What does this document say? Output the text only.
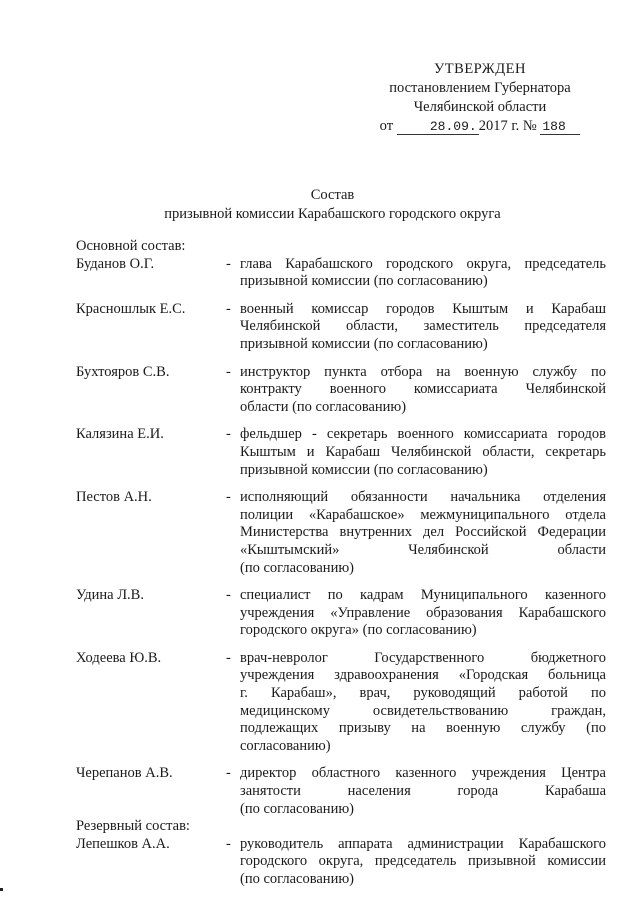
УТВЕРЖДЕН
постановлением Губернатора
Челябинской области
от	28.09. 2017 г. № 188
Состав
призывной комиссии Карабашского городского округа
Основной состав:
Буданов О.Г.	- глава Карабашского городского округа, председатель
призывной комиссии (по согласованию)
Красношлык Е.С.	- военный комиссар городов Кыштым и Карабаш
Челябинской области, заместитель председателя
призывной комиссии (по согласованию)
Бухтояров С.В.	- инструктор пункта отбора на военную службу по
контракту военного комиссариата Челябинской
области (по согласованию)
Калязина Е.И.	- фельдшер - секретарь военного комиссариата городов
Кыштым и Карабаш Челябинской области, секретарь
призывной комиссии (по согласованию)
Пестов А.Н.	- исполняющий обязанности начальника отделения
полиции «Карабашское» межмуниципального отдела
Министерства внутренних дел Российской Федерации
«Кыштымский» Челябинской области
(по согласованию)
Удина Л.В.	- специалист по кадрам Муниципального казенного
учреждения «Управление образования Карабашского
городского округа» (по согласованию)
Ходеева Ю.В.	- врач-невролог Государственного бюджетного
учреждения здравоохранения «Городская больница
г. Карабаш», врач, руководящий работой по
медицинскому освидетельствованию граждан,
подлежащих призыву на военную службу (по
согласованию)
Черепанов А.В.	- директор областного казенного учреждения Центра
занятости населения города Карабаша
(по согласованию)
Резервный состав:
Лепешков А.А.	- руководитель аппарата администрации Карабашского
городского округа, председатель призывной комиссии
(по согласованию)
